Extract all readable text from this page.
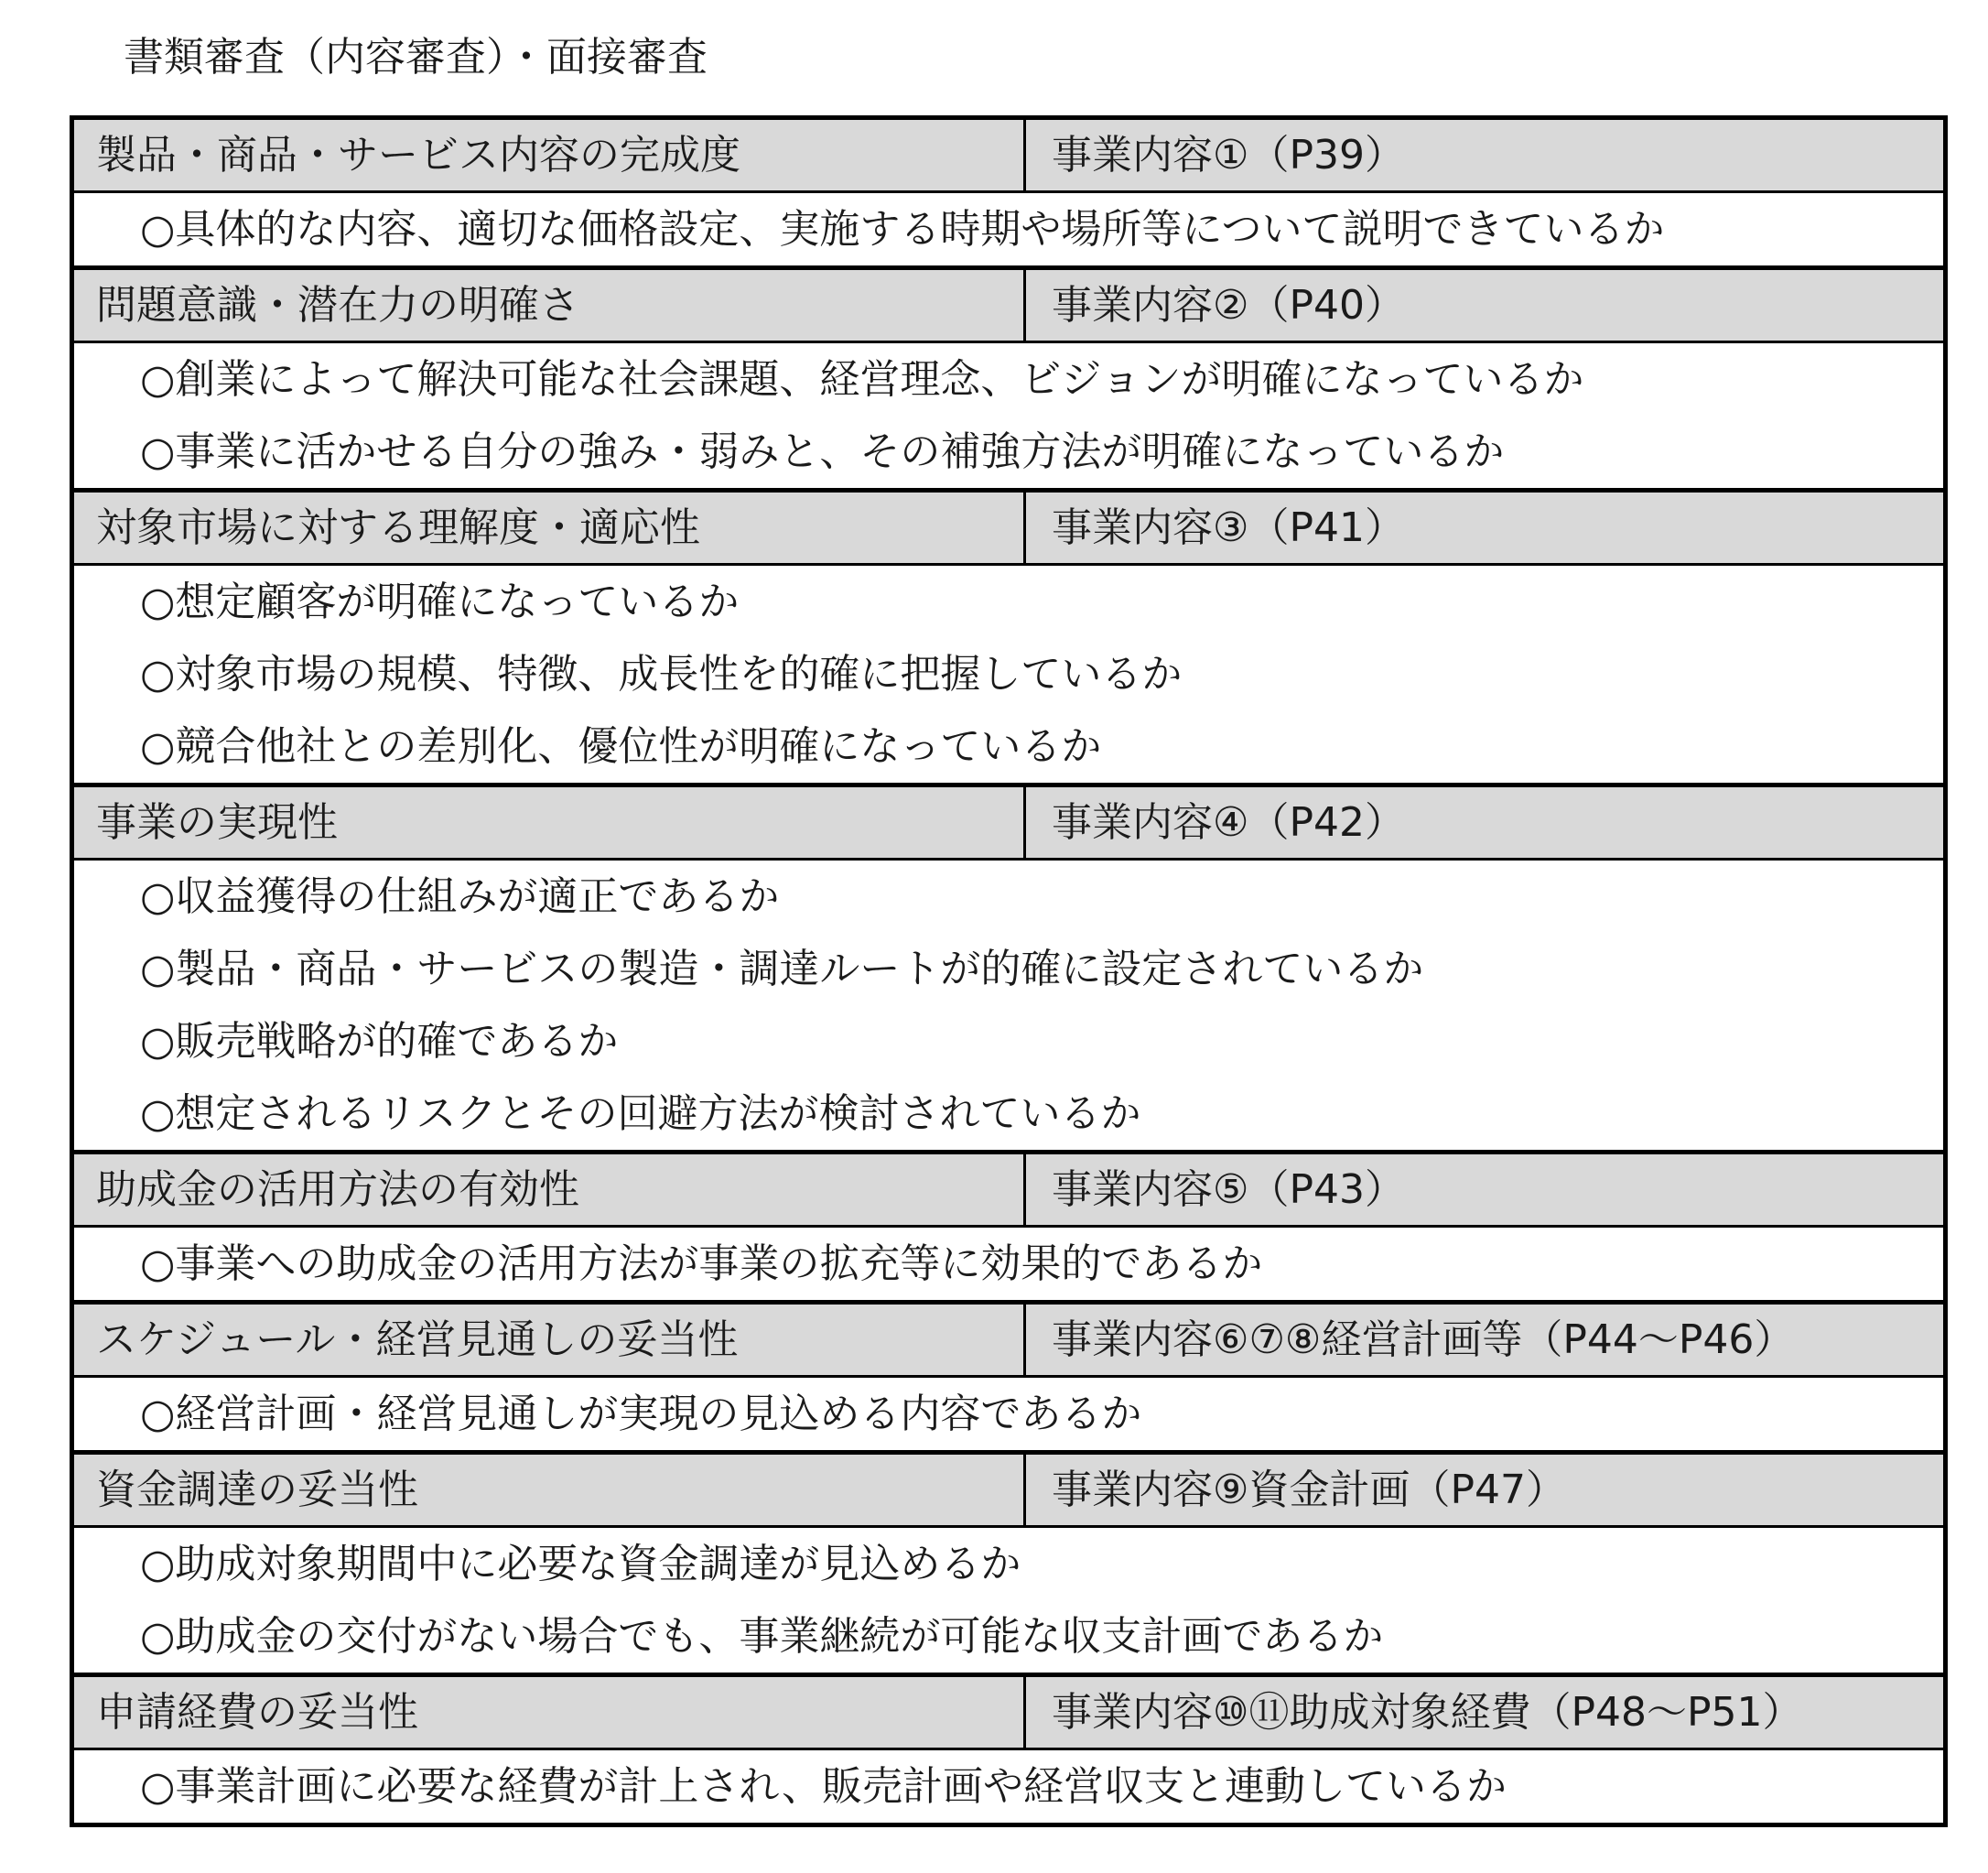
書類審査（内容審査）・面接審査
製品・商品・サービス内容の完成度	事業内容①（P39）
○具体的な内容、適切な価格設定、実施する時期や場所等について説明できているか
問題意識・潜在力の明確さ	事業内容②（P40）
○創業によって解決可能な社会課題、経営理念、ビジョンが明確になっているか
○事業に活かせる自分の強み・弱みと、その補強方法が明確になっているか
対象市場に対する理解度・適応性	事業内容③（P41）
○想定顧客が明確になっているか
○対象市場の規模、特徴、成長性を的確に把握しているか
○競合他社との差別化、優位性が明確になっているか
事業の実現性	事業内容④（P42）
○収益獲得の仕組みが適正であるか
○製品・商品・サービスの製造・調達ルートが的確に設定されているか
○販売戦略が的確であるか
○想定されるリスクとその回避方法が検討されているか
助成金の活用方法の有効性	事業内容⑤（P43）
○事業への助成金の活用方法が事業の拡充等に効果的であるか
スケジュール・経営見通しの妥当性	事業内容⑥⑦⑧経営計画等（P44～P46）
○経営計画・経営見通しが実現の見込める内容であるか
資金調達の妥当性	事業内容⑨資金計画（P47）
○助成対象期間中に必要な資金調達が見込めるか
○助成金の交付がない場合でも、事業継続が可能な収支計画であるか
申請経費の妥当性	事業内容⑩⑪助成対象経費（P48～P51）
○事業計画に必要な経費が計上され、販売計画や経営収支と連動しているか
